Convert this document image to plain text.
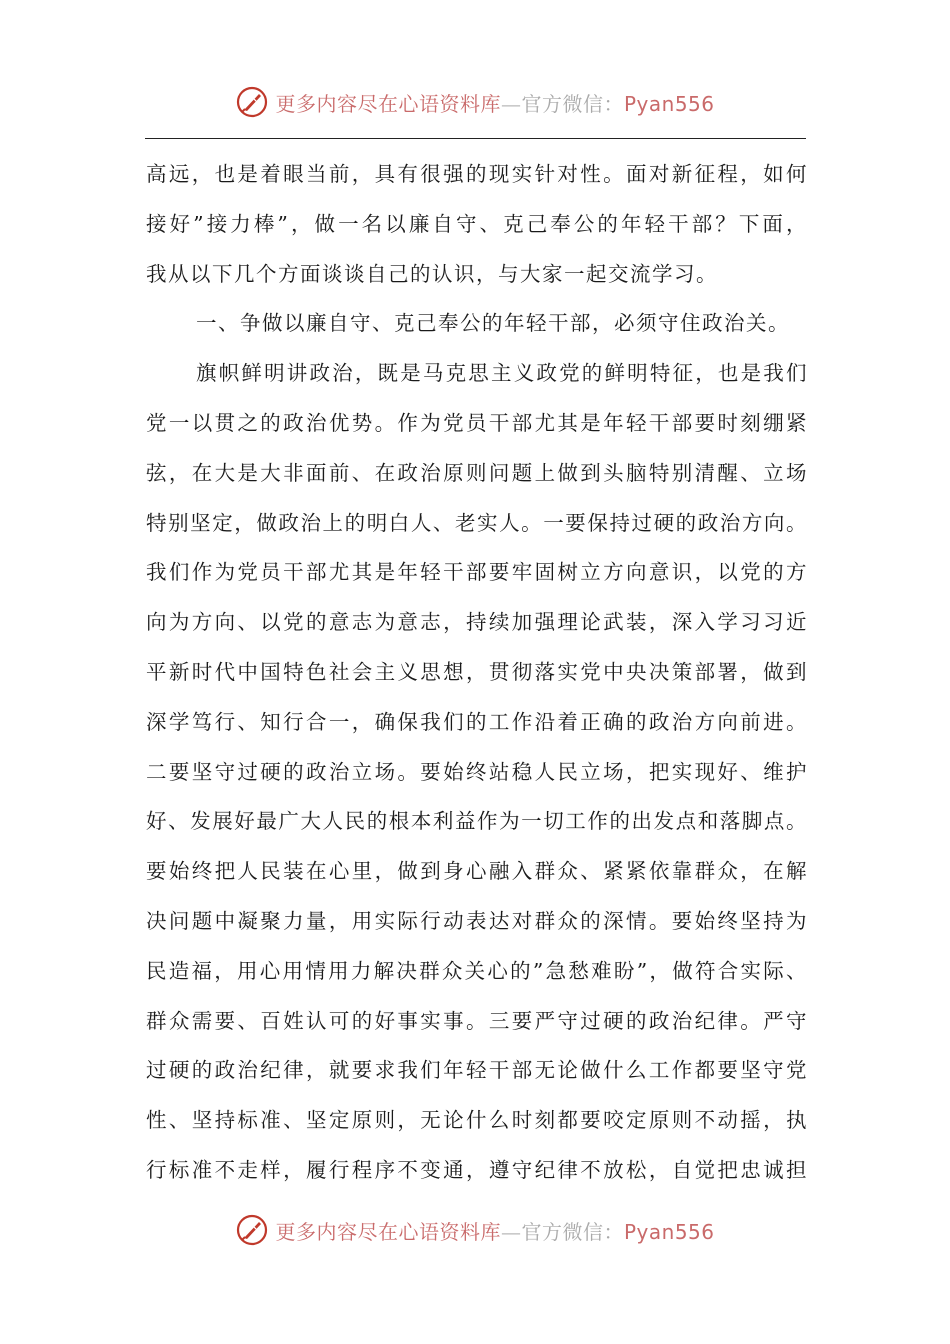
更多内容尽在心语资料库—官方微信：Pyan556
高远，也是着眼当前，具有很强的现实针对性。面对新征程，如何
接好”接力棒”，做一名以廉自守、克己奉公的年轻干部？下面，
我从以下几个方面谈谈自己的认识，与大家一起交流学习。
一、争做以廉自守、克己奉公的年轻干部，必须守住政治关。
旗帜鲜明讲政治，既是马克思主义政党的鲜明特征，也是我们
党一以贯之的政治优势。作为党员干部尤其是年轻干部要时刻绷紧
弦，在大是大非面前、在政治原则问题上做到头脑特别清醒、立场
特别坚定，做政治上的明白人、老实人。一要保持过硬的政治方向。
我们作为党员干部尤其是年轻干部要牢固树立方向意识，以党的方
向为方向、以党的意志为意志，持续加强理论武装，深入学习习近
平新时代中国特色社会主义思想，贯彻落实党中央决策部署，做到
深学笃行、知行合一，确保我们的工作沿着正确的政治方向前进。
二要坚守过硬的政治立场。要始终站稳人民立场，把实现好、维护
好、发展好最广大人民的根本利益作为一切工作的出发点和落脚点。
要始终把人民装在心里，做到身心融入群众、紧紧依靠群众，在解
决问题中凝聚力量，用实际行动表达对群众的深情。要始终坚持为
民造福，用心用情用力解决群众关心的”急愁难盼”，做符合实际、
群众需要、百姓认可的好事实事。三要严守过硬的政治纪律。严守
过硬的政治纪律，就要求我们年轻干部无论做什么工作都要坚守党
性、坚持标准、坚定原则，无论什么时刻都要咬定原则不动摇，执
行标准不走样，履行程序不变通，遵守纪律不放松，自觉把忠诚担
更多内容尽在心语资料库—官方微信：Pyan556
